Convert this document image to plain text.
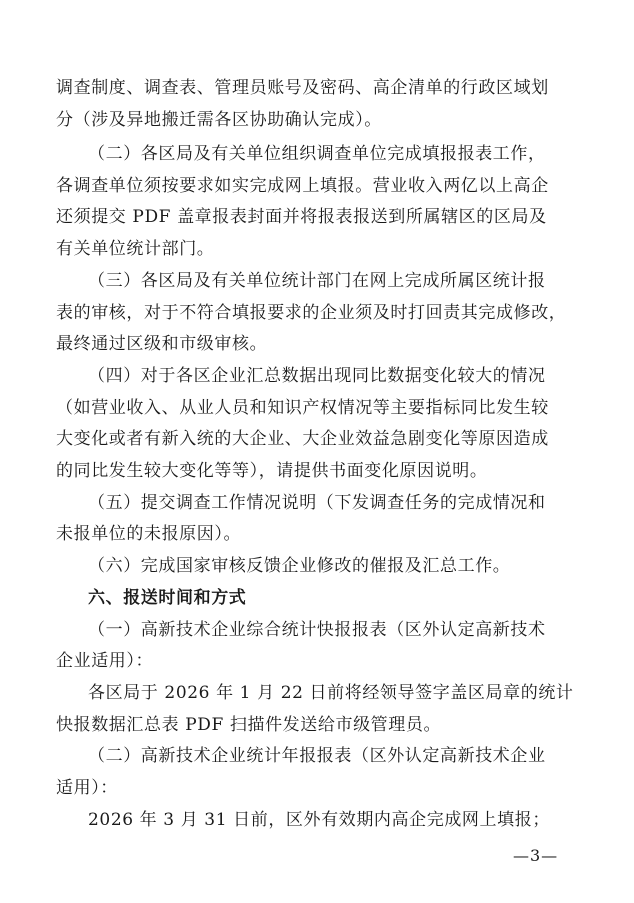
调查制度、调查表、管理员账号及密码、高企清单的行政区域划
分（涉及异地搬迁需各区协助确认完成）。
（二）各区局及有关单位组织调查单位完成填报报表工作，
各调查单位须按要求如实完成网上填报。营业收入两亿以上高企
还须提交 PDF 盖章报表封面并将报表报送到所属辖区的区局及
有关单位统计部门。
（三）各区局及有关单位统计部门在网上完成所属区统计报
表的审核，对于不符合填报要求的企业须及时打回责其完成修改，
最终通过区级和市级审核。
（四）对于各区企业汇总数据出现同比数据变化较大的情况
（如营业收入、从业人员和知识产权情况等主要指标同比发生较
大变化或者有新入统的大企业、大企业效益急剧变化等原因造成
的同比发生较大变化等等），请提供书面变化原因说明。
（五）提交调查工作情况说明（下发调查任务的完成情况和
未报单位的未报原因）。
（六）完成国家审核反馈企业修改的催报及汇总工作。
六、报送时间和方式
（一）高新技术企业综合统计快报报表（区外认定高新技术
企业适用）：
各区局于 2026 年 1 月 22 日前将经领导签字盖区局章的统计
快报数据汇总表 PDF 扫描件发送给市级管理员。
（二）高新技术企业统计年报报表（区外认定高新技术企业
适用）：
2026 年 3 月 31 日前，区外有效期内高企完成网上填报；
—3—
